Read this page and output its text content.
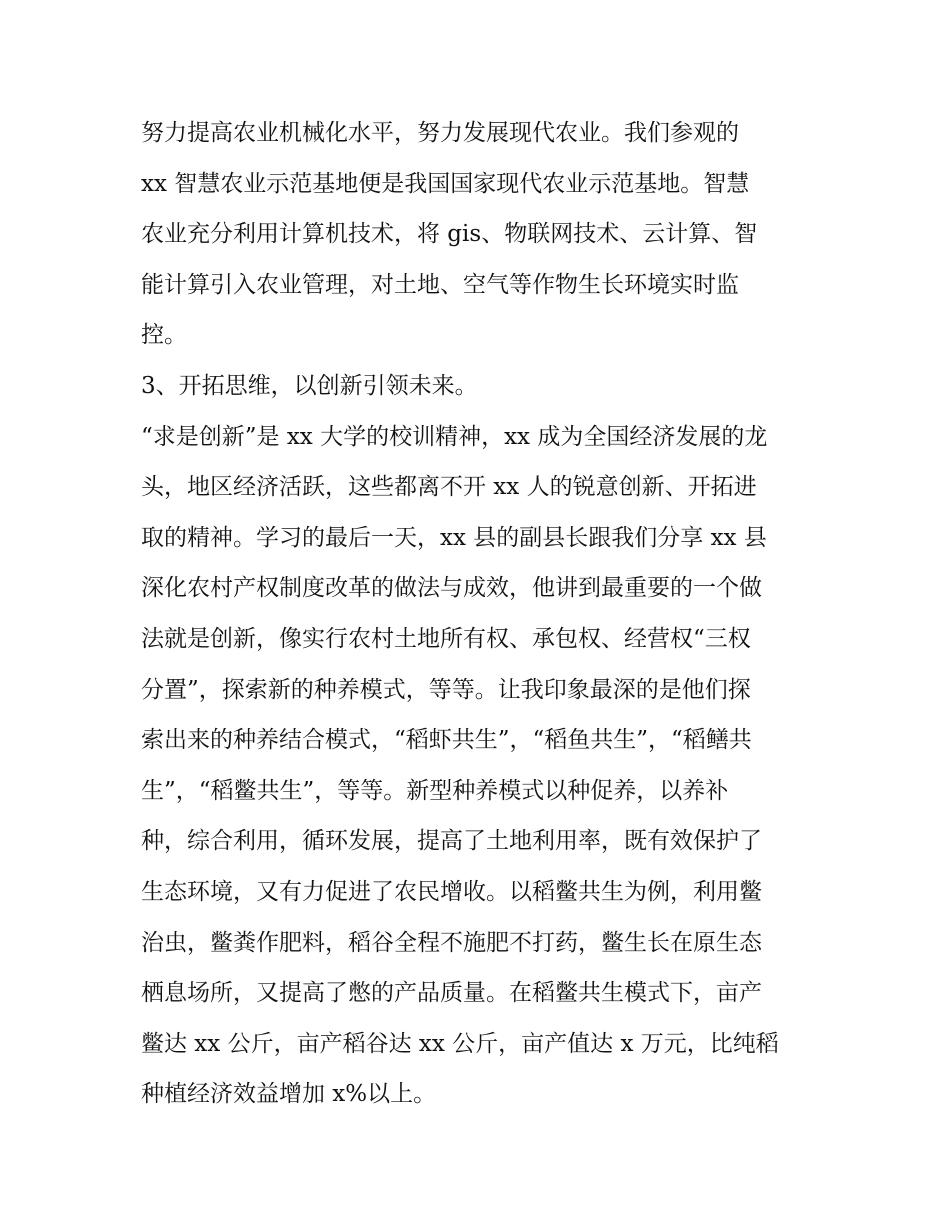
努力提高农业机械化水平，努力发展现代农业。我们参观的
xx 智慧农业示范基地便是我国国家现代农业示范基地。智慧
农业充分利用计算机技术，将 gis、物联网技术、云计算、智
能计算引入农业管理，对土地、空气等作物生长环境实时监
控。
3、开拓思维，以创新引领未来。
“求是创新”是 xx 大学的校训精神，xx 成为全国经济发展的龙
头，地区经济活跃，这些都离不开 xx 人的锐意创新、开拓进
取的精神。学习的最后一天，xx 县的副县长跟我们分享 xx 县
深化农村产权制度改革的做法与成效，他讲到最重要的一个做
法就是创新，像实行农村土地所有权、承包权、经营权“三权
分置”，探索新的种养模式，等等。让我印象最深的是他们探
索出来的种养结合模式，“稻虾共生”，“稻鱼共生”，“稻鳝共
生”，“稻鳖共生”，等等。新型种养模式以种促养，以养补
种，综合利用，循环发展，提高了土地利用率，既有效保护了
生态环境，又有力促进了农民增收。以稻鳖共生为例，利用鳖
治虫，鳖粪作肥料，稻谷全程不施肥不打药，鳖生长在原生态
栖息场所，又提高了憋的产品质量。在稻鳖共生模式下，亩产
鳖达 xx 公斤，亩产稻谷达 xx 公斤，亩产值达 x 万元，比纯稻
种植经济效益增加 x%以上。
